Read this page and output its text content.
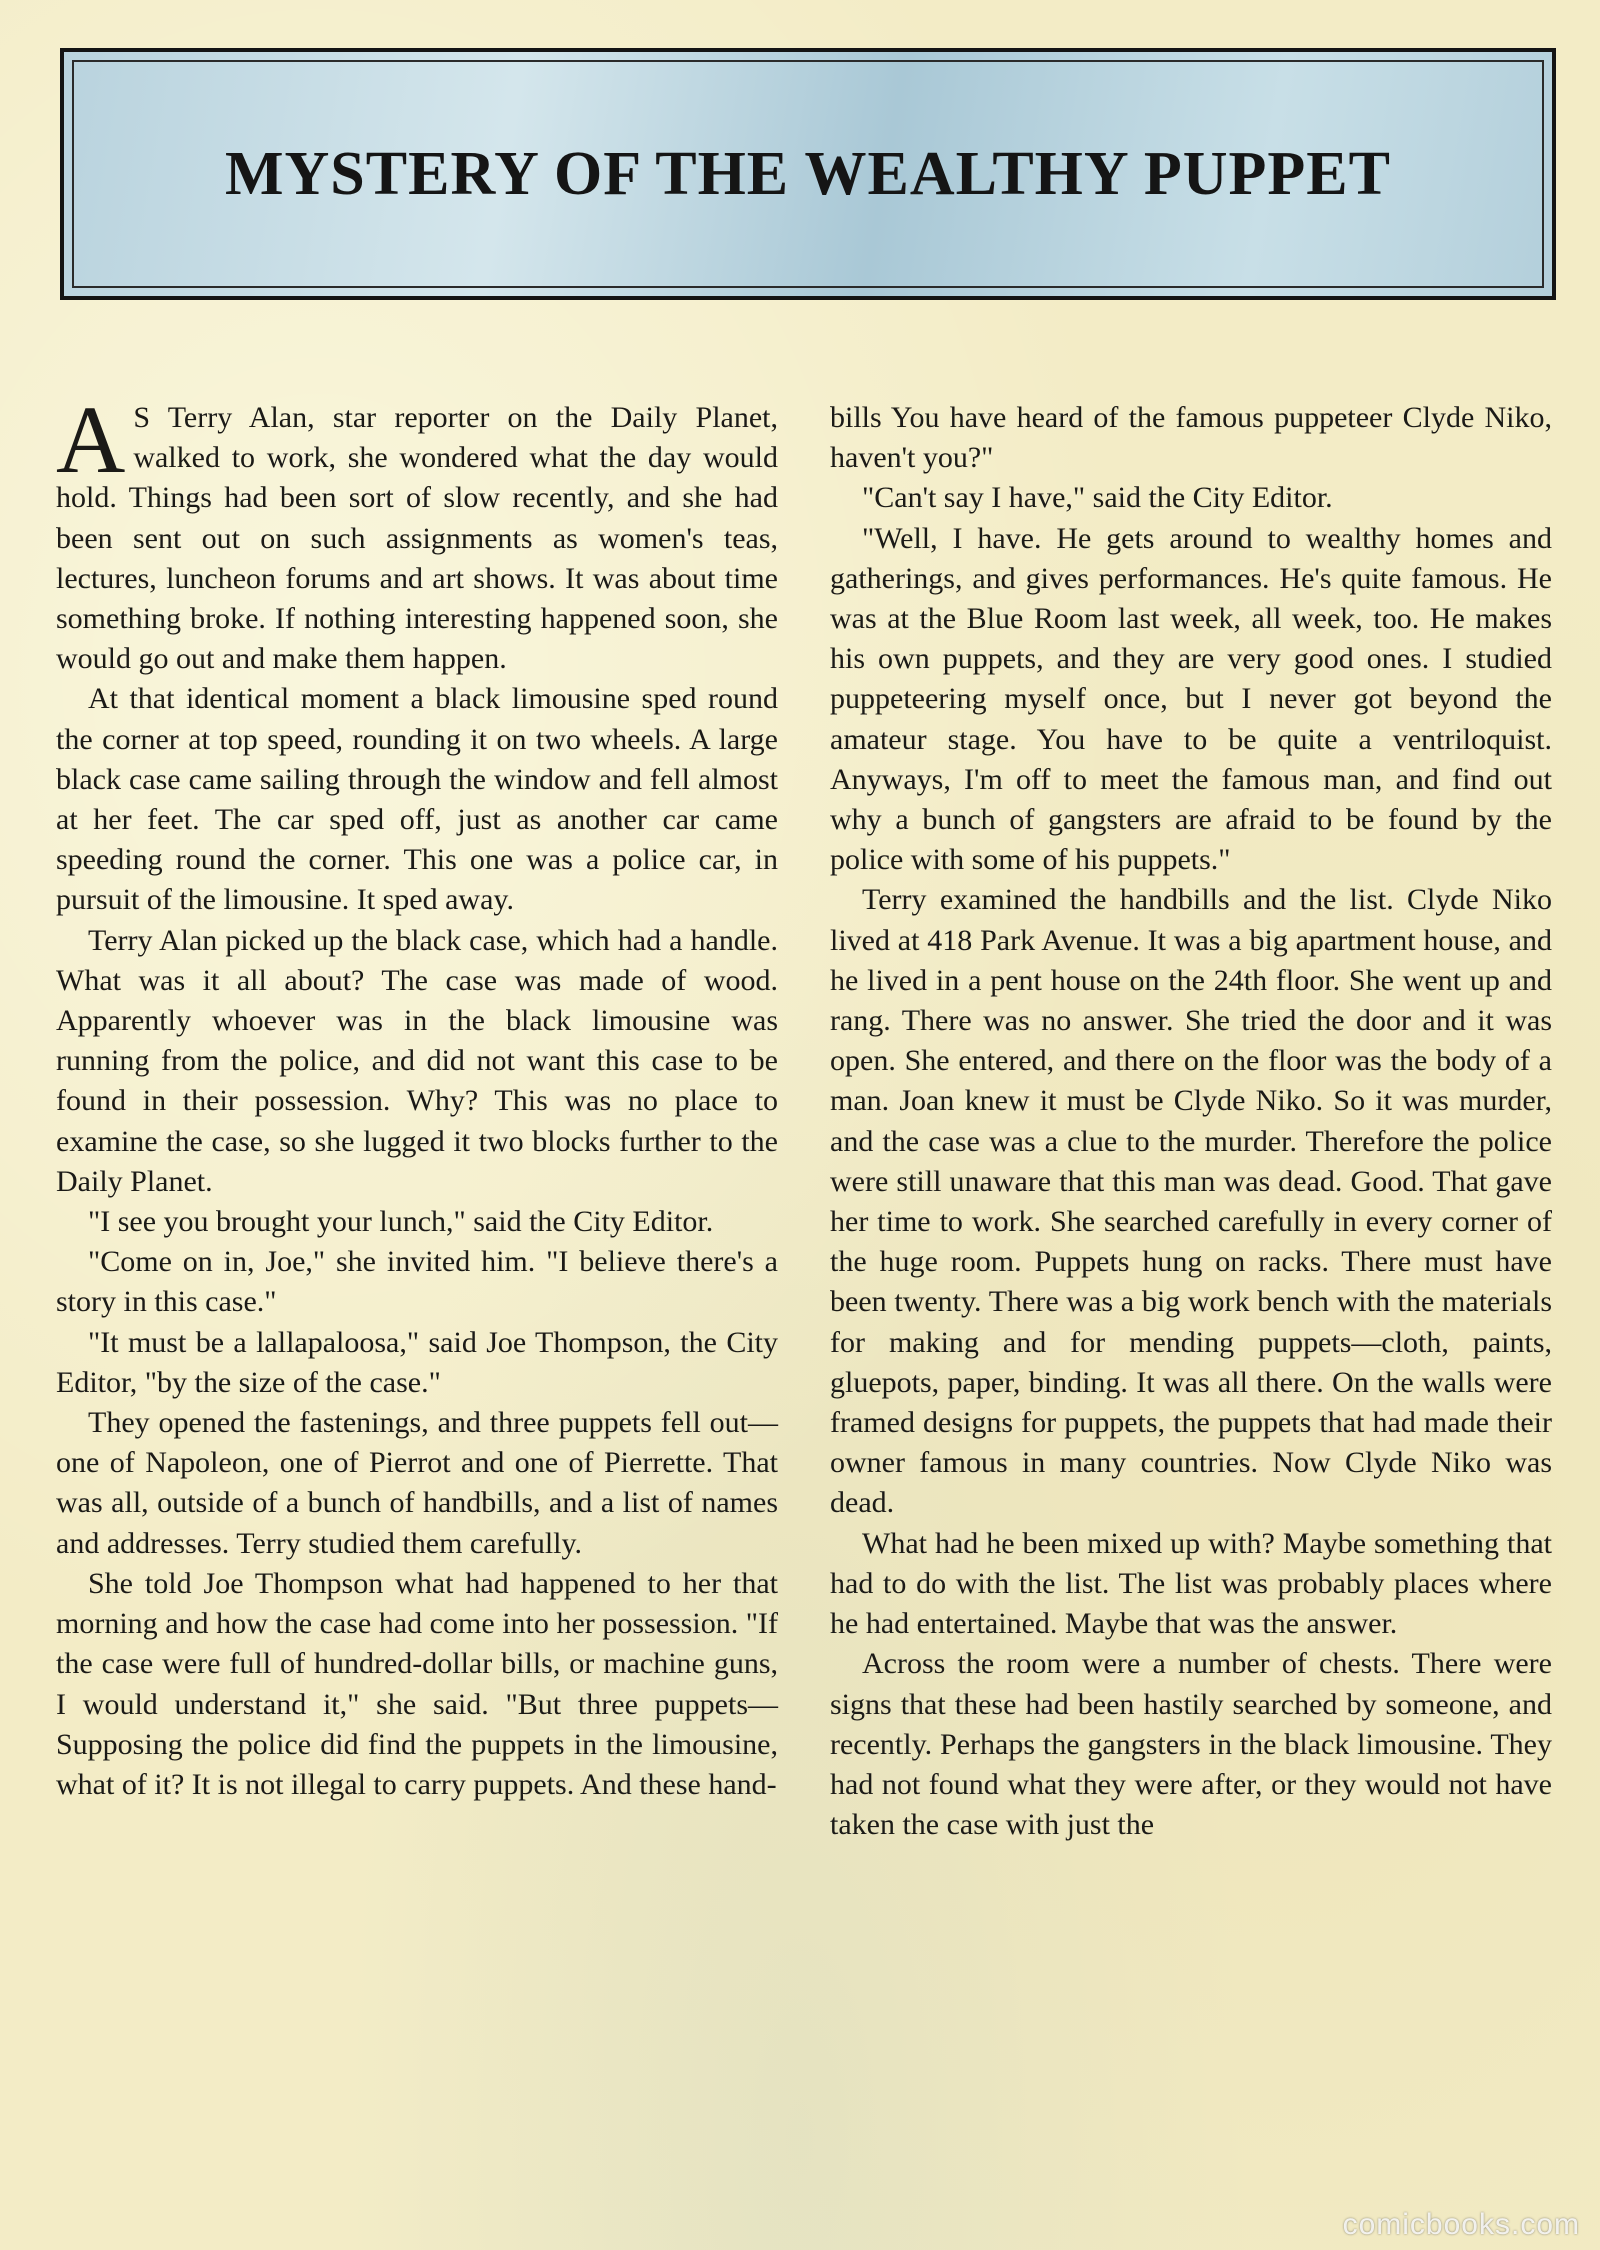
MYSTERY OF THE WEALTHY PUPPET

A S Terry Alan, star reporter on the Daily Planet, walked to work, she wondered what the day would hold. Things had been sort of slow recently, and she had been sent out on such assignments as women's teas, lectures, luncheon forums and art shows. It was about time something broke. If nothing interesting happened soon, she would go out and make them happen.

At that identical moment a black limousine sped round the corner at top speed, rounding it on two wheels. A large black case came sailing through the window and fell almost at her feet. The car sped off, just as another car came speeding round the corner. This one was a police car, in pursuit of the limousine. It sped away.

Terry Alan picked up the black case, which had a handle. What was it all about? The case was made of wood. Apparently whoever was in the black limousine was running from the police, and did not want this case to be found in their possession. Why? This was no place to examine the case, so she lugged it two blocks further to the Daily Planet.

"I see you brought your lunch," said the City Editor.

"Come on in, Joe," she invited him. "I believe there's a story in this case."

"It must be a lallapaloosa," said Joe Thompson, the City Editor, "by the size of the case."

They opened the fastenings, and three puppets fell out—one of Napoleon, one of Pierrot and one of Pierrette. That was all, outside of a bunch of handbills, and a list of names and addresses. Terry studied them carefully.

She told Joe Thompson what had happened to her that morning and how the case had come into her possession. "If the case were full of hundred-dollar bills, or machine guns, I would understand it," she said. "But three puppets—Supposing the police did find the puppets in the limousine, what of it? It is not illegal to carry puppets. And these hand-

bills You have heard of the famous puppeteer Clyde Niko, haven't you?"

"Can't say I have," said the City Editor.

"Well, I have. He gets around to wealthy homes and gatherings, and gives performances. He's quite famous. He was at the Blue Room last week, all week, too. He makes his own puppets, and they are very good ones. I studied puppeteering myself once, but I never got beyond the amateur stage. You have to be quite a ventriloquist. Anyways, I'm off to meet the famous man, and find out why a bunch of gangsters are afraid to be found by the police with some of his puppets."

Terry examined the handbills and the list. Clyde Niko lived at 418 Park Avenue. It was a big apartment house, and he lived in a pent house on the 24th floor. She went up and rang. There was no answer. She tried the door and it was open. She entered, and there on the floor was the body of a man. Joan knew it must be Clyde Niko. So it was murder, and the case was a clue to the murder. Therefore the police were still unaware that this man was dead. Good. That gave her time to work. She searched carefully in every corner of the huge room. Puppets hung on racks. There must have been twenty. There was a big work bench with the materials for making and for mending puppets—cloth, paints, gluepots, paper, binding. It was all there. On the walls were framed designs for puppets, the puppets that had made their owner famous in many countries. Now Clyde Niko was dead.

What had he been mixed up with? Maybe something that had to do with the list. The list was probably places where he had entertained. Maybe that was the answer.

Across the room were a number of chests. There were signs that these had been hastily searched by someone, and recently. Perhaps the gangsters in the black limousine. They had not found what they were after, or they would not have taken the case with just the

comicbooks.com
